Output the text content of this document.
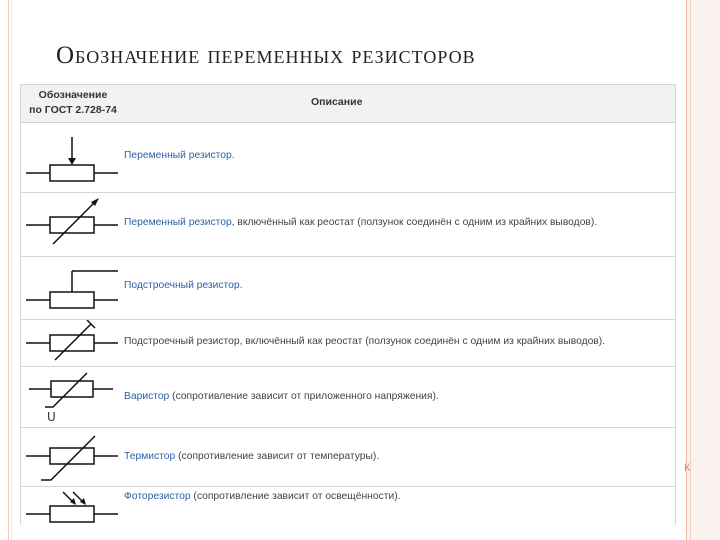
К
Обозначение переменных резисторов
Обозначение
по ГОСТ 2.728-74
Описание
Переменный резистор.
Переменный резистор, включённый как реостат (ползунок соединён с одним из крайних выводов).
Подстроечный резистор.
Подстроечный резистор, включённый как реостат (ползунок соединён с одним из крайних выводов).
U
Варистор (сопротивление зависит от приложенного напряжения).
Термистор (сопротивление зависит от температуры).
Фоторезистор (сопротивление зависит от освещённости).
